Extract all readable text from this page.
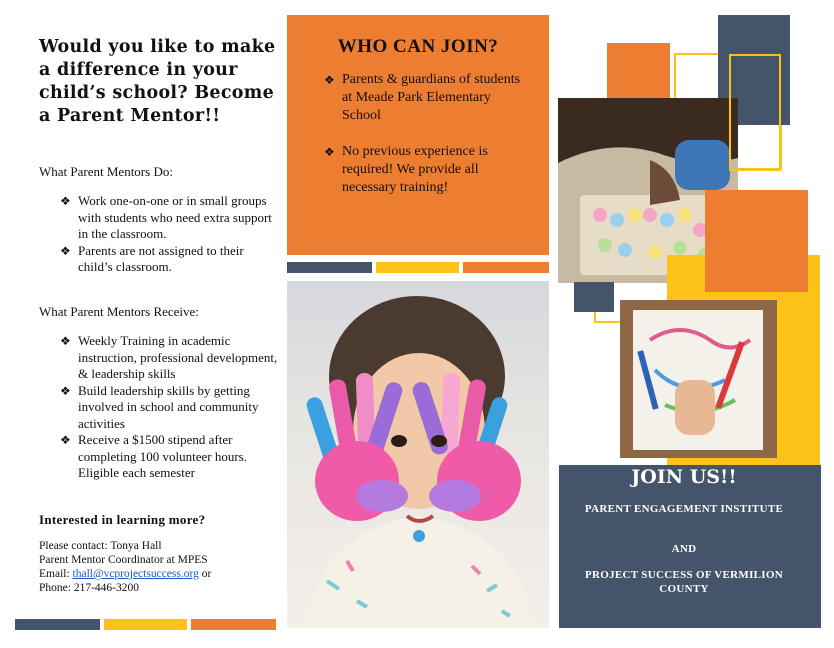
Would you like to make a difference in your child’s school? Become a Parent Mentor!!
What Parent Mentors Do:
❖ Work one-on-one or in small groups with students who need extra support in the classroom.
❖ Parents are not assigned to their child’s classroom.
What Parent Mentors Receive:
❖ Weekly Training in academic instruction, professional development, & leadership skills
❖ Build leadership skills by getting involved in school and community activities
❖ Receive a $1500 stipend after completing 100 volunteer hours. Eligible each semester
Interested in learning more?
Please contact: Tonya Hall
Parent Mentor Coordinator at MPES
Email: thall@vcprojectsuccess.org or
Phone: 217-446-3200
WHO CAN JOIN?
❖ Parents & guardians of students at Meade Park Elementary School
❖ No previous experience is required! We provide all necessary training!
JOIN US!!
PARENT ENGAGEMENT INSTITUTE
AND
PROJECT SUCCESS OF VERMILION COUNTY
